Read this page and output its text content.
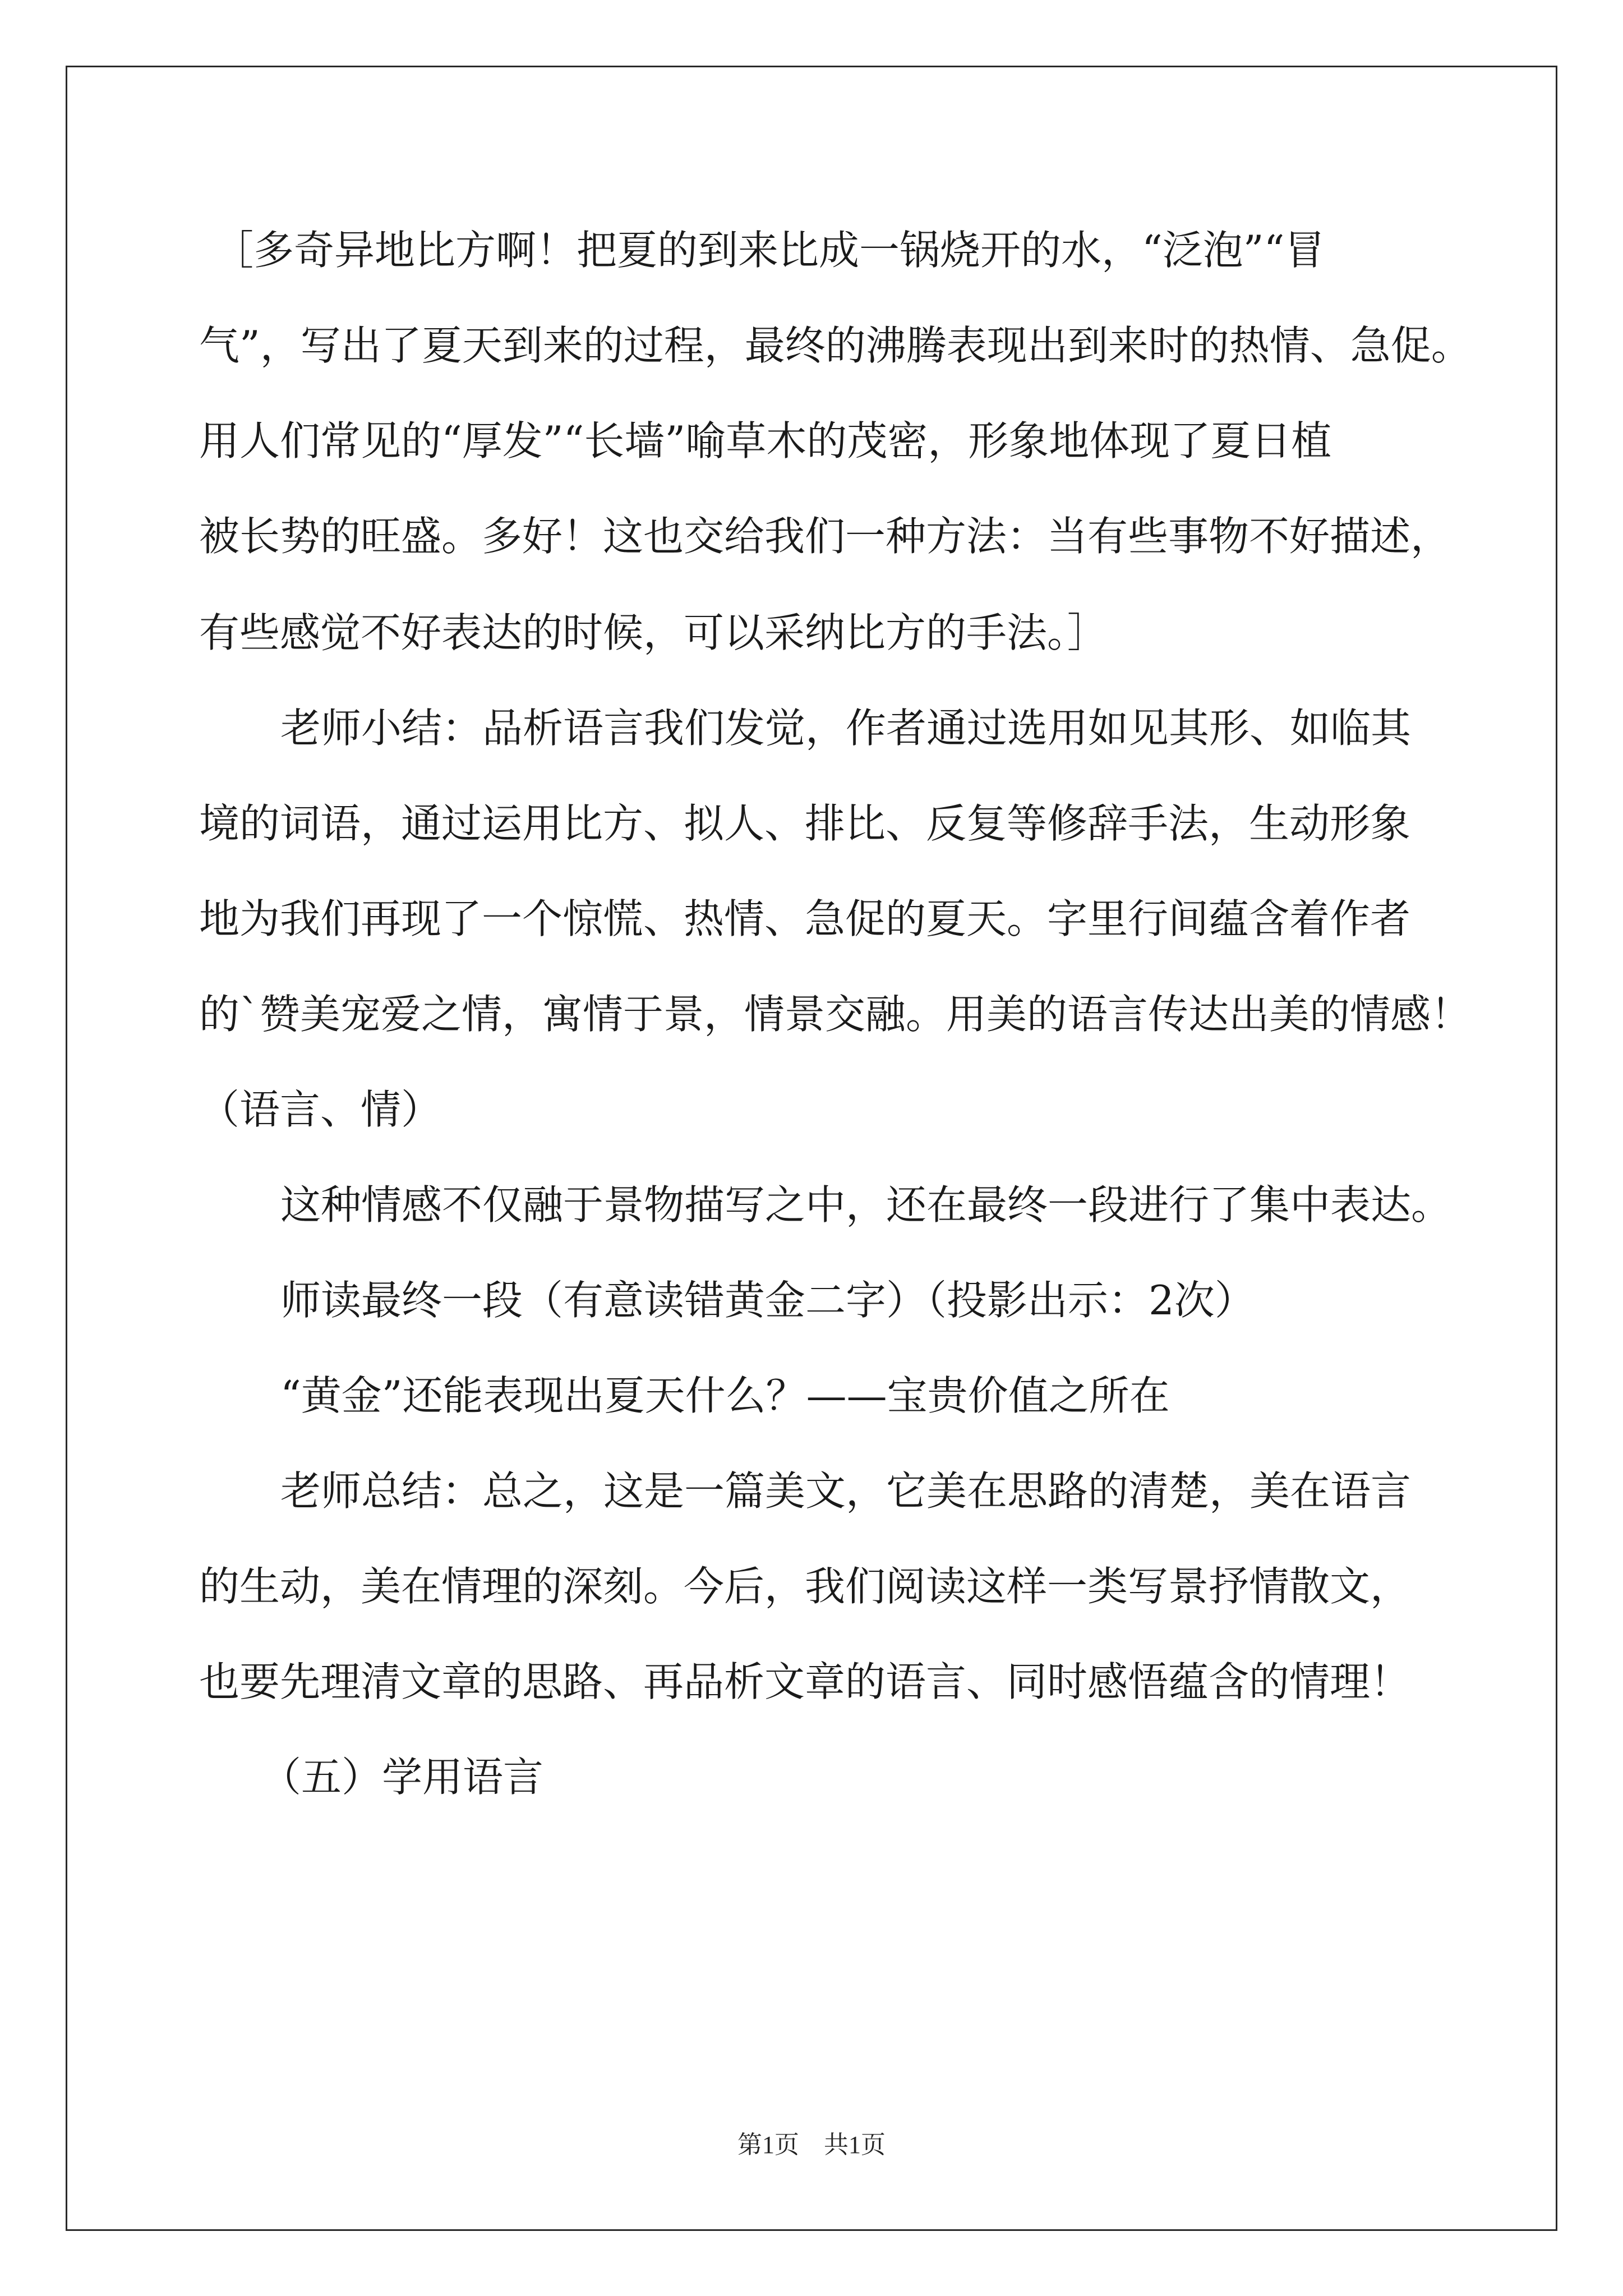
［多奇异地比方啊！把夏的到来比成一锅烧开的水，“泛泡”“冒
气”，写出了夏天到来的过程，最终的沸腾表现出到来时的热情、急促。
用人们常见的“厚发”“长墙”喻草木的茂密，形象地体现了夏日植
被长势的旺盛。多好！这也交给我们一种方法：当有些事物不好描述，
有些感觉不好表达的时候，可以采纳比方的手法。］
老师小结：品析语言我们发觉，作者通过选用如见其形、如临其
境的词语，通过运用比方、拟人、排比、反复等修辞手法，生动形象
地为我们再现了一个惊慌、热情、急促的夏天。字里行间蕴含着作者
的`赞美宠爱之情，寓情于景，情景交融。用美的语言传达出美的情感！
（语言、情）
这种情感不仅融于景物描写之中，还在最终一段进行了集中表达。
师读最终一段（有意读错黄金二字）（投影出示：2次）
“黄金”还能表现出夏天什么？——宝贵价值之所在
老师总结：总之，这是一篇美文，它美在思路的清楚，美在语言
的生动，美在情理的深刻。今后，我们阅读这样一类写景抒情散文，
也要先理清文章的思路、再品析文章的语言、同时感悟蕴含的情理！
（五）学用语言
第1页　共1页
